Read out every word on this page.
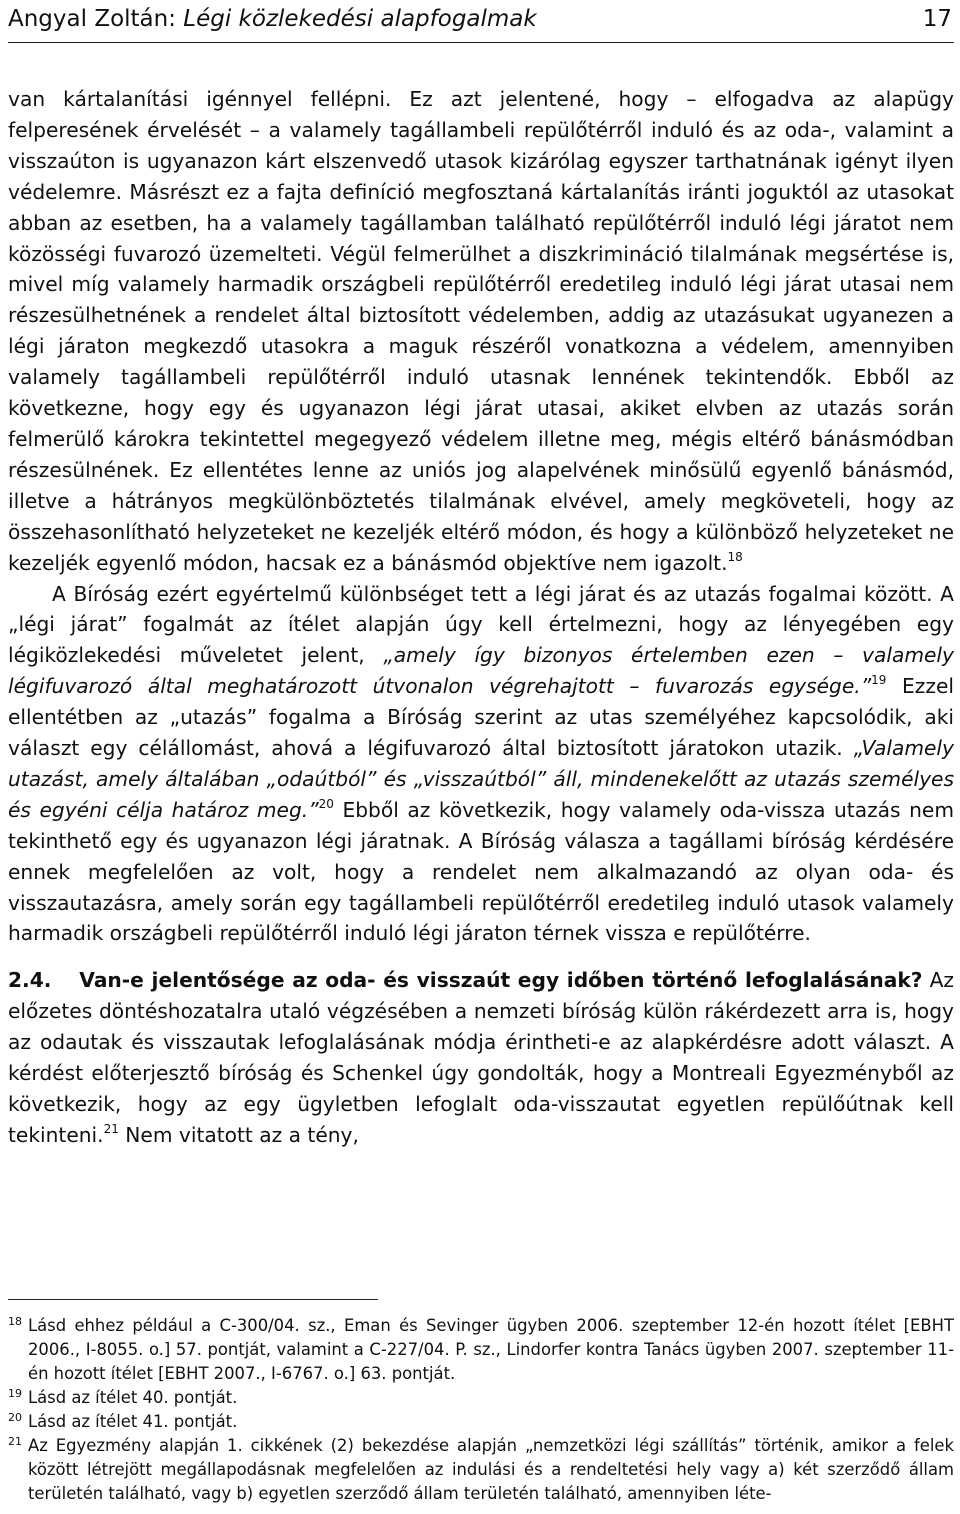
Angyal Zoltán: Légi közlekedési alapfogalmak	17

van kártalanítási igénnyel fellépni. Ez azt jelentené, hogy – elfogadva az alapügy felperesének érvelését – a valamely tagállambeli repülőtérről induló és az oda-, valamint a visszaúton is ugyanazon kárt elszenvedő utasok kizárólag egyszer tarthatnának igényt ilyen védelemre. Másrészt ez a fajta definíció megfosztaná kártalanítás iránti joguktól az utasokat abban az esetben, ha a valamely tagállamban található repülőtérről induló légi járatot nem közösségi fuvarozó üzemelteti. Végül felmerülhet a diszkrimináció tilalmának megsértése is, mivel míg valamely harmadik országbeli repülőtérről eredetileg induló légi járat utasai nem részesülhetnének a rendelet által biztosított védelemben, addig az utazásukat ugyanezen a légi járaton megkezdő utasokra a maguk részéről vonatkozna a védelem, amennyiben valamely tagállambeli repülőtérről induló utasnak lennének tekintendők. Ebből az következne, hogy egy és ugyanazon légi járat utasai, akiket elvben az utazás során felmerülő károkra tekintettel megegyező védelem illetne meg, mégis eltérő bánásmódban részesülnének. Ez ellentétes lenne az uniós jog alapelvének minősülű egyenlő bánásmód, illetve a hátrányos megkülönböztetés tilalmának elvével, amely megköveteli, hogy az összehasonlítható helyzeteket ne kezeljék eltérő módon, és hogy a különböző helyzeteket ne kezeljék egyenlő módon, hacsak ez a bánásmód objektíve nem igazolt.$^{18}$

A Bíróság ezért egyértelmű különbséget tett a légi járat és az utazás fogalmai között. A „légi járat” fogalmát az ítélet alapján úgy kell értelmezni, hogy az lényegében egy légiközlekedési műveletet jelent, „amely így bizonyos értelemben ezen – valamely légifuvarozó által meghatározott útvonalon végrehajtott – fuvarozás egysége.”$^{19}$ Ezzel ellentétben az „utazás” fogalma a Bíróság szerint az utas személyéhez kapcsolódik, aki választ egy célállomást, ahová a légifuvarozó által biztosított járatokon utazik. „Valamely utazást, amely általában „odaútból” és „visszaútból” áll, mindenekelőtt az utazás személyes és egyéni célja határoz meg.”$^{20}$ Ebből az következik, hogy valamely oda-vissza utazás nem tekinthető egy és ugyanazon légi járatnak. A Bíróság válasza a tagállami bíróság kérdésére ennek megfelelően az volt, hogy a rendelet nem alkalmazandó az olyan oda- és visszautazásra, amely során egy tagállambeli repülőtérről eredetileg induló utasok valamely harmadik országbeli repülőtérről induló légi járaton térnek vissza e repülőtérre.

2.4.  Van-e jelentősége az oda- és visszaút egy időben történő lefoglalásának? Az előzetes döntéshozatalra utaló végzésében a nemzeti bíróság külön rákérdezett arra is, hogy az odautak és visszautak lefoglalásának módja érintheti-e az alapkérdésre adott választ. A kérdést előterjesztő bíróság és Schenkel úgy gondolták, hogy a Montreali Egyezményből az következik, hogy az egy ügyletben lefoglalt oda-visszautat egyetlen repülőútnak kell tekinteni.$^{21}$ Nem vitatott az a tény,

18 Lásd ehhez például a C-300/04. sz., Eman és Sevinger ügyben 2006. szeptember 12-én hozott ítélet [EBHT 2006., I-8055. o.] 57. pontját, valamint a C-227/04. P. sz., Lindorfer kontra Tanács ügyben 2007. szeptember 11-én hozott ítélet [EBHT 2007., I-6767. o.] 63. pontját.
19 Lásd az ítélet 40. pontját.
20 Lásd az ítélet 41. pontját.
21 Az Egyezmény alapján 1. cikkének (2) bekezdése alapján „nemzetközi légi szállítás” történik, amikor a felek között létrejött megállapodásnak megfelelően az indulási és a rendeltetési hely vagy a) két szerződő állam területén található, vagy b) egyetlen szerződő állam területén található, amennyiben léte-
